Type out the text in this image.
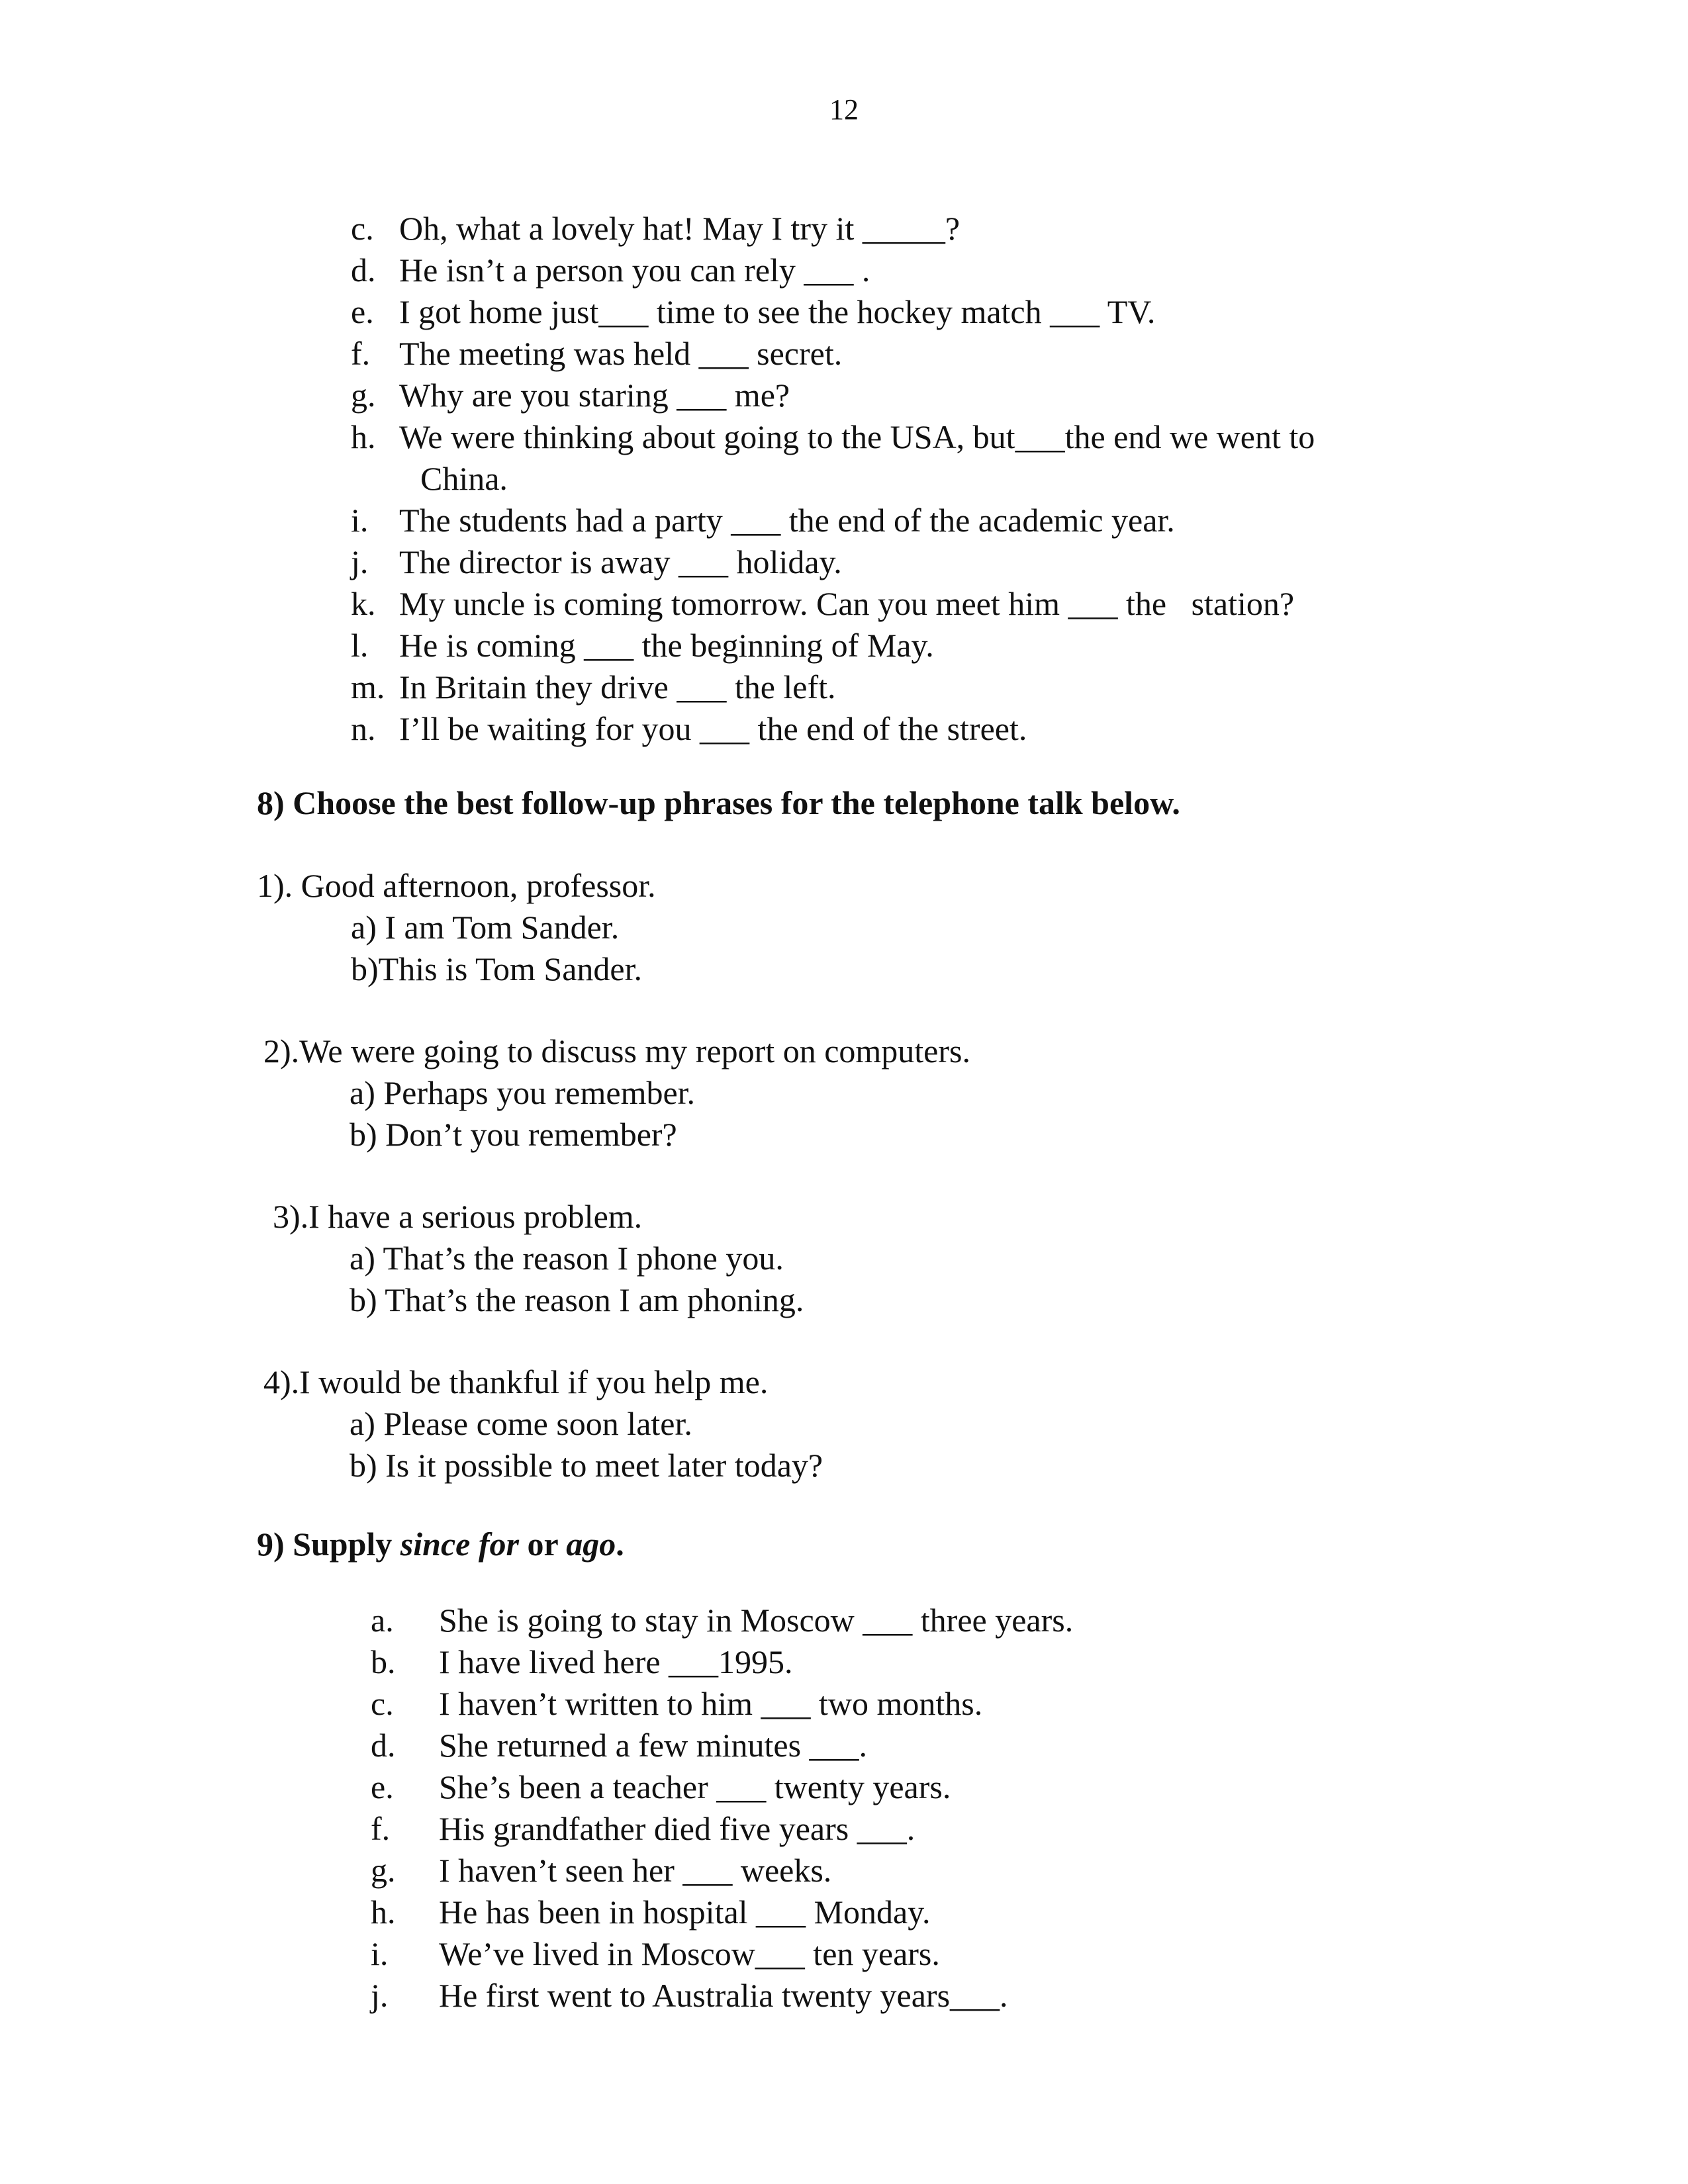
12
c. Oh, what a lovely hat! May I try it _____?
d. He isn’t a person you can rely ___ .
e. I got home just___ time to see the hockey match ___ TV.
f. The meeting was held ___ secret.
g. Why are you staring ___ me?
h. We were thinking about going to the USA, but___the end we went to
China.
i. The students had a party ___ the end of the academic year.
j. The director is away ___ holiday.
k. My uncle is coming tomorrow. Can you meet him ___ the   station?
l. He is coming ___ the beginning of May.
m. In Britain they drive ___ the left.
n. I’ll be waiting for you ___ the end of the street.
8) Choose the best follow-up phrases for the telephone talk below.
1). Good afternoon, professor.
a) I am Tom Sander.
b)This is Tom Sander.
2).We were going to discuss my report on computers.
a) Perhaps you remember.
b) Don’t you remember?
3).I have a serious problem.
a) That’s the reason I phone you.
b) That’s the reason I am phoning.
4).I would be thankful if you help me.
a) Please come soon later.
b) Is it possible to meet later today?
9) Supply since for or ago.
a.	She is going to stay in Moscow ___ three years.
b.	I have lived here ___1995.
c.	I haven’t written to him ___ two months.
d.	She returned a few minutes ___.
e.	She’s been a teacher ___ twenty years.
f.	His grandfather died five years ___.
g.	I haven’t seen her ___ weeks.
h.	He has been in hospital ___ Monday.
i.	We’ve lived in Moscow___ ten years.
j.	He first went to Australia twenty years___.
